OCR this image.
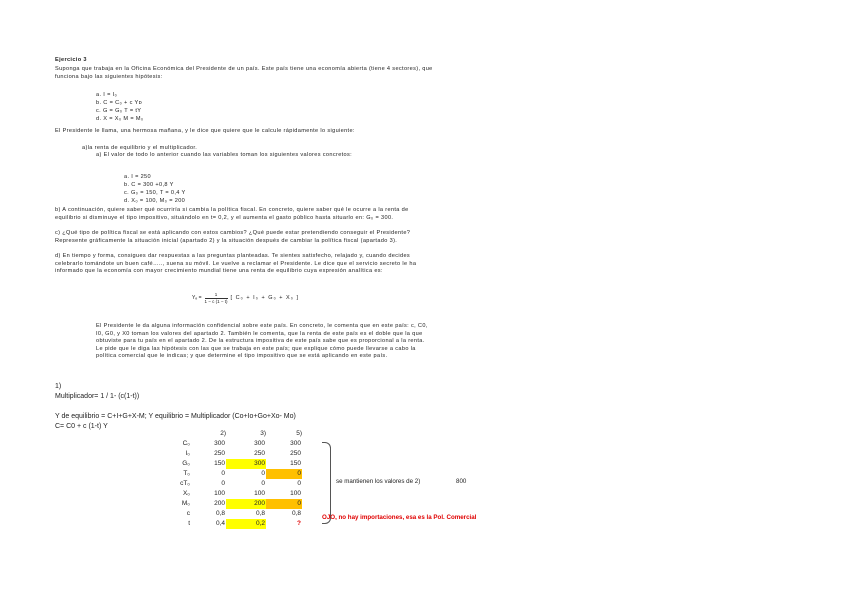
Ejercicio 3
Suponga que trabaja en la Oficina Económica del Presidente de un país. Este país tiene una economía abierta (tiene 4 sectores), que funciona bajo las siguientes hipótesis:
a. I = I₀
b. C = C₀ + c Yᴅ
c. G = G₀ T = tY
d. X = X₀ M = M₀
El Presidente le llama, una hermosa mañana, y le dice que quiere que le calcule rápidamente lo siguiente:
a)la renta de equilibrio y el multiplicador.
a) El valor de todo lo anterior cuando las variables toman los siguientes valores concretos:
a. I = 250
b. C = 300 +0,8 Y
c. G₀ = 150, T = 0,4 Y
d. X₀ = 100, M₀ = 200
b) A continuación, quiere saber qué ocurriría si cambia la política fiscal. En concreto, quiere saber qué le ocurre a la renta de equilibrio si disminuye el tipo impositivo, situándolo en t= 0,2, y el aumenta el gasto público hasta situarlo en: G₀ = 300.
c) ¿Qué tipo de política fiscal se está aplicando con estos cambios? ¿Qué puede estar pretendiendo conseguir el Presidente? Represente gráficamente la situación inicial (apartado 2) y la situación después de cambiar la política fiscal (apartado 3).
d) En tiempo y forma, consigues dar respuestas a las preguntas planteadas. Te sientes satisfecho, relajado y, cuando decides celebrarlo tomándote un buen café….., suena su móvil. Le vuelve a reclamar el Presidente. Le dice que el servicio secreto le ha informado que la economía con mayor crecimiento mundial tiene una renta de equilibrio cuya expresión analítica es:
$Y_e = \frac{1}{1 - c (1 - t)}$ [ C₀ + I₀ + G₀ + X₀ ]
El Presidente le da alguna información confidencial sobre este país. En concreto, le comenta que en este país: c, C0, I0, G0, y X0 toman los valores del apartado 2. También le comenta, que la renta de este país es el doble que la que obtuviste para tu país en el apartado 2. De la estructura impositiva de este país sabe que es proporcional a la renta. Le pide que le diga las hipótesis con las que se trabaja en este país; que explique cómo puede llevarse a cabo la política comercial que le indicas; y que determine el tipo impositivo que se está aplicando en este país.
1)
Multiplicador= 1 / 1- (c(1-t))
Y de equilibrio = C+I+G+X-M; Y equilibrio = Multiplicador (Co+Io+Go+Xo- Mo)
C= C0 + c (1-t) Y
2)	3)	5)
C₀	300	300	300
I₀	250	250	250
G₀	150	300	150
T₀	0	0	0
cT₀	0	0	0
X₀	100	100	100
M₀	200	200	0
c	0,8	0,8	0,8
t	0,4	0,2	?
se mantienen los valores de 2)	800
OJO, no hay importaciones, esa es la Pol. Comercial
